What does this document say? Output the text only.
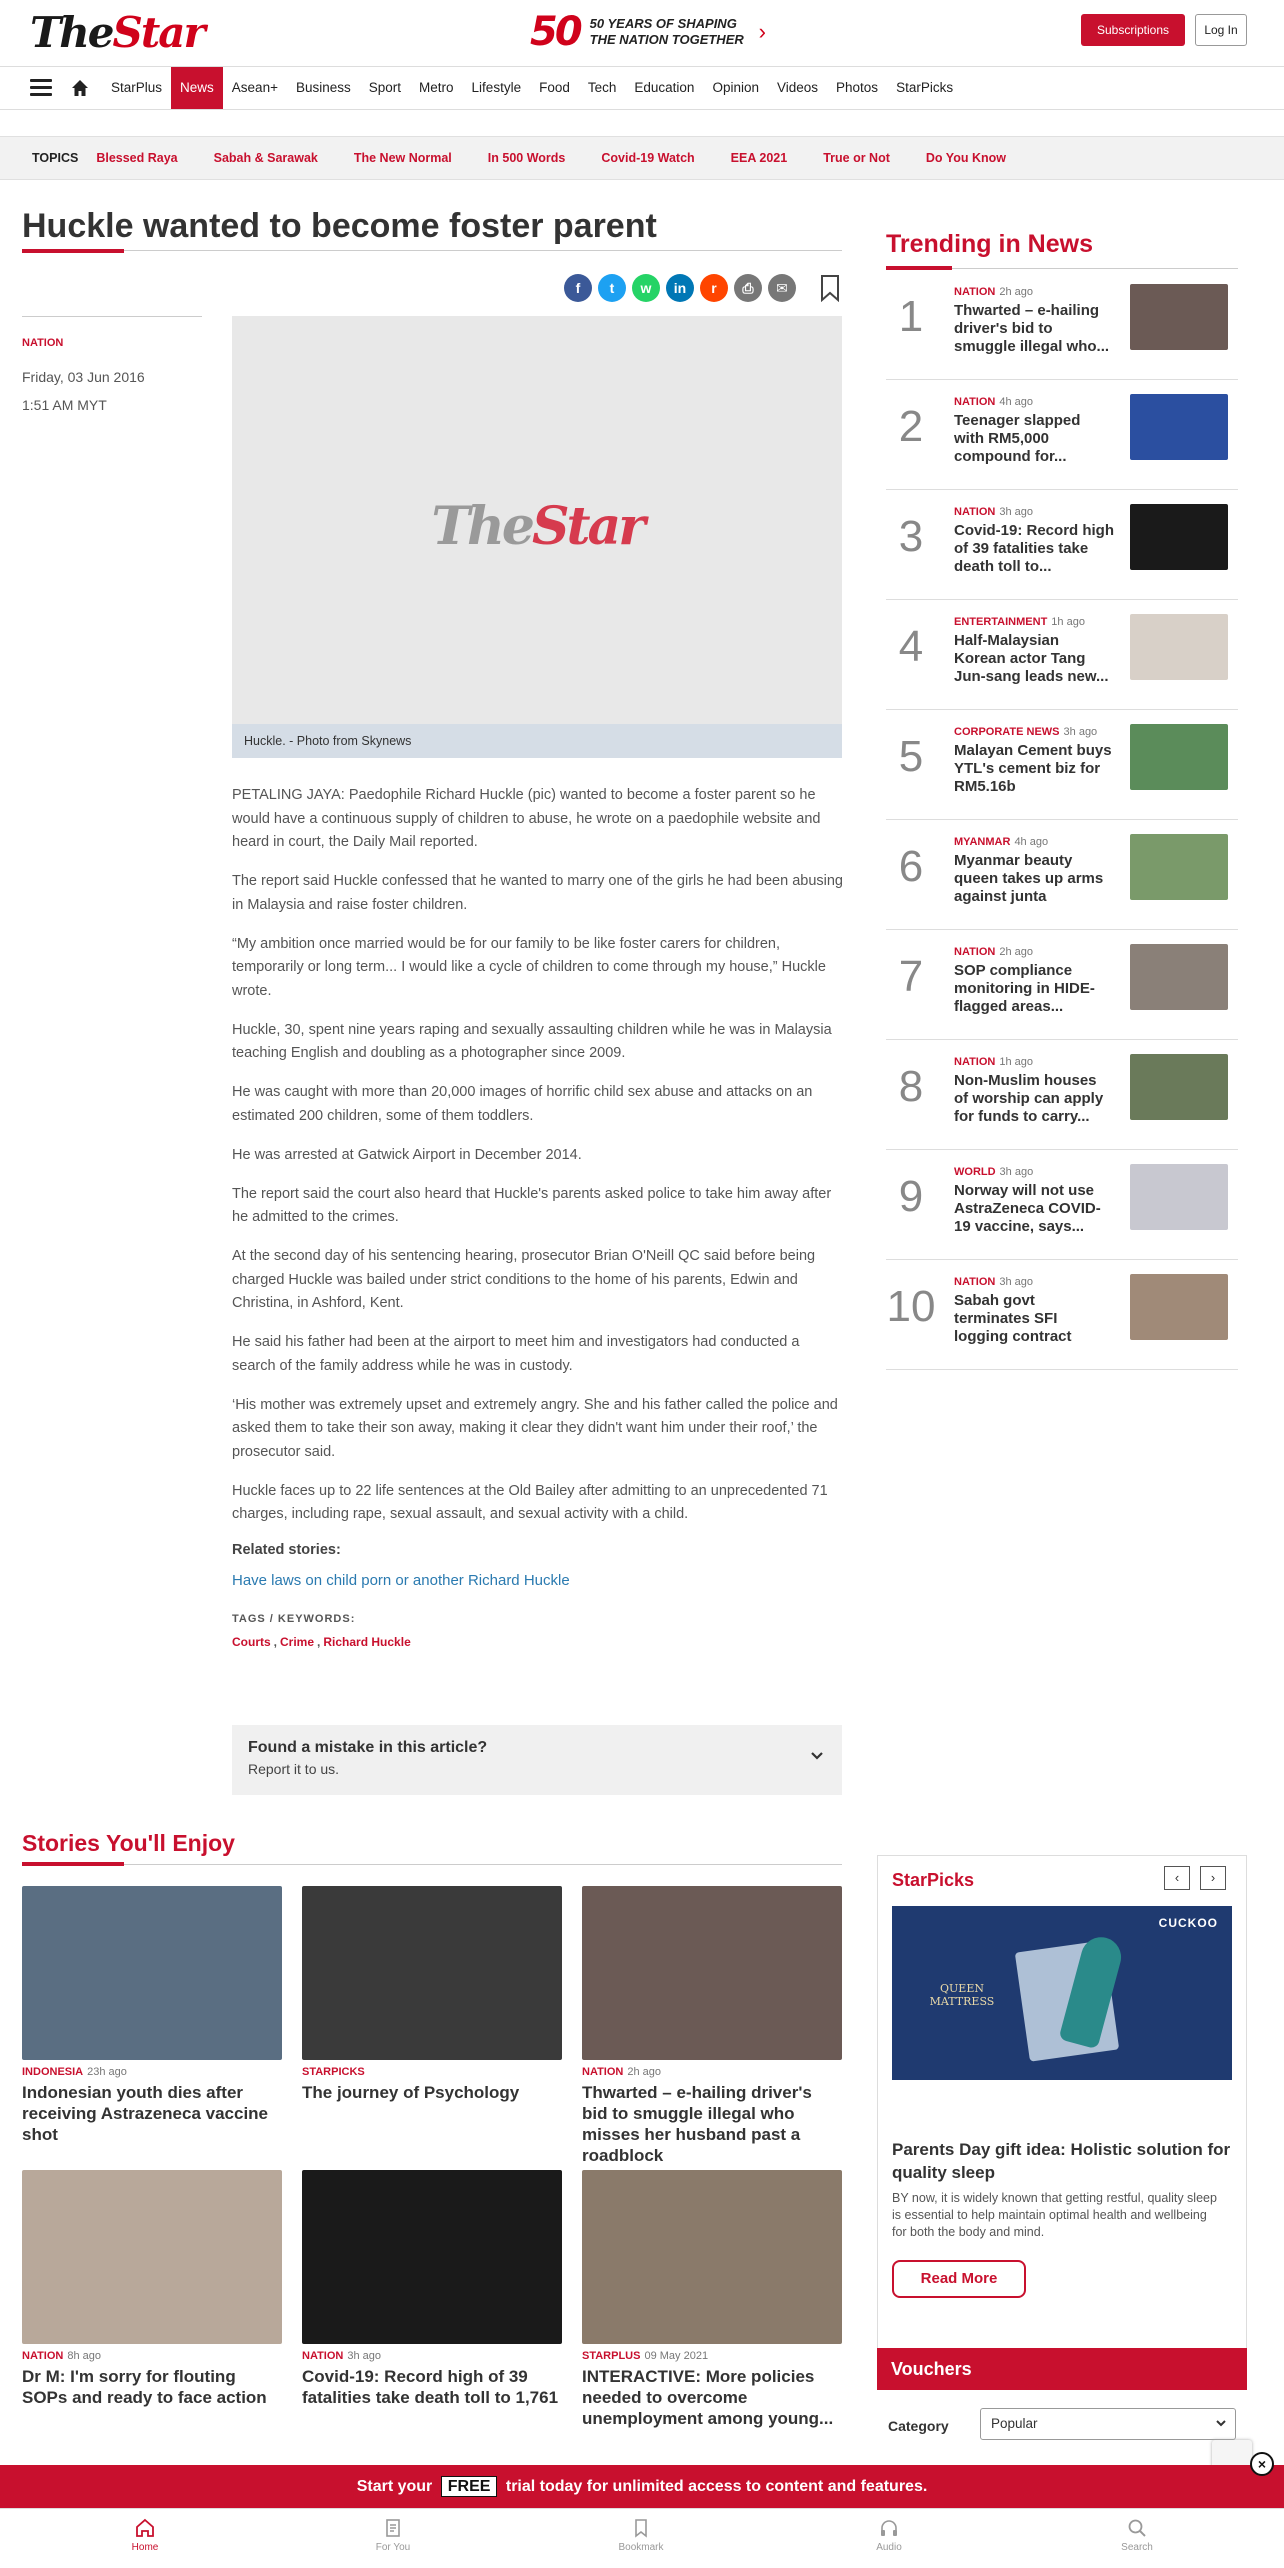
TheStar	50 50 YEARS OF SHAPING THE NATION TOGETHER ›	Subscriptions	Log In
StarPlus	News	Asean+	Business	Sport	Metro	Lifestyle	Food	Tech	Education	Opinion	Videos	Photos	StarPicks
TOPICS Blessed Raya	Sabah & Sarawak	The New Normal	In 500 Words	Covid-19 Watch	EEA 2021	True or Not	Do You Know
Huckle wanted to become foster parent
f	t	w	in	r	⎙	✉
NATION
Friday, 03 Jun 2016
1:51 AM MYT
TheStar
Huckle. - Photo from Skynews

PETALING JAYA: Paedophile Richard Huckle (pic) wanted to become a foster parent so he would have a continuous supply of children to abuse, he wrote on a paedophile website and heard in court, the Daily Mail reported.

The report said Huckle confessed that he wanted to marry one of the girls he had been abusing in Malaysia and raise foster children.

“My ambition once married would be for our family to be like foster carers for children, temporarily or long term... I would like a cycle of children to come through my house,” Huckle wrote.

Huckle, 30, spent nine years raping and sexually assaulting children while he was in Malaysia teaching English and doubling as a photographer since 2009.

He was caught with more than 20,000 images of horrific child sex abuse and attacks on an estimated 200 children, some of them toddlers.

He was arrested at Gatwick Airport in December 2014.

The report said the court also heard that Huckle's parents asked police to take him away after he admitted to the crimes.

At the second day of his sentencing hearing, prosecutor Brian O'Neill QC said before being charged Huckle was bailed under strict conditions to the home of his parents, Edwin and Christina, in Ashford, Kent.

He said his father had been at the airport to meet him and investigators had conducted a search of the family address while he was in custody.

‘His mother was extremely upset and extremely angry. She and his father called the police and asked them to take their son away, making it clear they didn't want him under their roof,’ the prosecutor said.

Huckle faces up to 22 life sentences at the Old Bailey after admitting to an unprecedented 71 charges, including rape, sexual assault, and sexual activity with a child.

Related stories:
Have laws on child porn or another Richard Huckle
TAGS / KEYWORDS:
Courts , Crime , Richard Huckle
Found a mistake in this article?
Report it to us.
Trending in News
1	NATION 2h ago
Thwarted – e-hailing driver's bid to smuggle illegal who...
2	NATION 4h ago
Teenager slapped with RM5,000 compound for...
3	NATION 3h ago
Covid-19: Record high of 39 fatalities take death toll to...
4	ENTERTAINMENT 1h ago
Half-Malaysian Korean actor Tang Jun-sang leads new...
5	CORPORATE NEWS 3h ago
Malayan Cement buys YTL's cement biz for RM5.16b
6	MYANMAR 4h ago
Myanmar beauty queen takes up arms against junta
7	NATION 2h ago
SOP compliance monitoring in HIDE-flagged areas...
8	NATION 1h ago
Non-Muslim houses of worship can apply for funds to carry...
9	WORLD 3h ago
Norway will not use AstraZeneca COVID-19 vaccine, says...
10 NATION 3h ago
Sabah govt terminates SFI logging contract
Stories You'll Enjoy
INDONESIA 23h ago
Indonesian youth dies after receiving Astrazeneca vaccine shot
STARPICKS
The journey of Psychology
NATION 2h ago
Thwarted – e-hailing driver's bid to smuggle illegal who misses her husband past a roadblock
NATION 8h ago
Dr M: I'm sorry for flouting SOPs and ready to face action
NATION 3h ago
Covid-19: Record high of 39 fatalities take death toll to 1,761
STARPLUS 09 May 2021
INTERACTIVE: More policies needed to overcome unemployment among young...
StarPicks	‹	›
CUCKOO
QUEEN MATTRESS
Parents Day gift idea: Holistic solution for quality sleep
BY now, it is widely known that getting restful, quality sleep is essential to help maintain optimal health and wellbeing for both the body and mind.
Read More
Vouchers
Category	Popular
Start your FREE trial today for unlimited access to content and features.
×
Home	For You	Bookmark	Audio	Search
